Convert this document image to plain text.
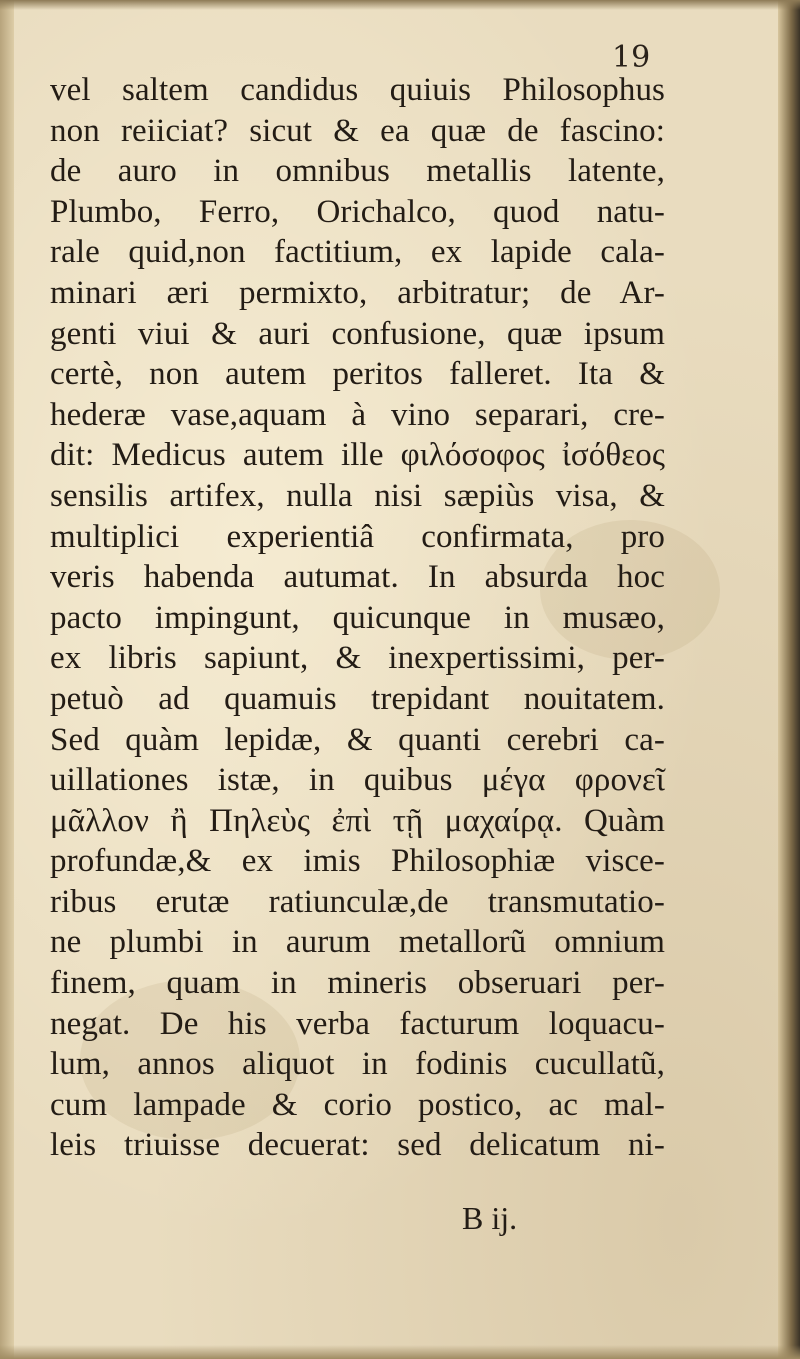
19

vel saltem candidus quiuis Philosophus
non reiiciat? sicut & ea quæ de fascino:
de auro in omnibus metallis latente,
Plumbo, Ferro, Orichalco, quod natu-
rale quid,non factitium, ex lapide cala-
minari æri permixto, arbitratur; de Ar-
genti viui & auri confusione, quæ ipsum
certè, non autem peritos falleret. Ita &
hederæ vase,aquam à vino separari, cre-
dit: Medicus autem ille φιλόσοφος ἰσόθεος
sensilis artifex, nulla nisi sæpiùs visa, &
multiplici experientiâ confirmata, pro
veris habenda autumat. In absurda hoc
pacto impingunt, quicunque in musæo,
ex libris sapiunt, & inexpertissimi, per-
petuò ad quamuis trepidant nouitatem.
Sed quàm lepidæ, & quanti cerebri ca-
uillationes istæ, in quibus μέγα φρονεῖ
μᾶλλον ἢ Πηλεὺς ἐπὶ τῇ μαχαίρᾳ. Quàm
profundæ,& ex imis Philosophiæ visce-
ribus erutæ ratiunculæ,de transmutatio-
ne plumbi in aurum metallorũ omnium
finem, quam in mineris obseruari per-
negat. De his verba facturum loquacu-
lum, annos aliquot in fodinis cucullatũ,
cum lampade & corio postico, ac mal-
leis triuisse decuerat: sed delicatum ni-

B ij.
